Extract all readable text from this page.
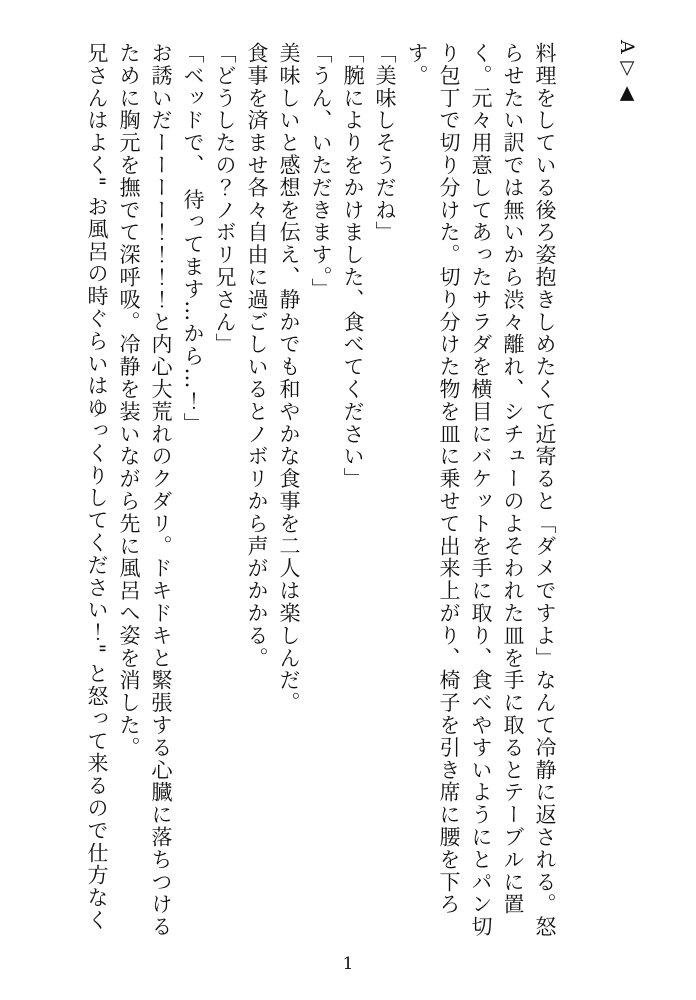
A▽▲

料理をしている後ろ姿抱きしめたくて近寄ると「ダメですよ」なんて冷静に返される。怒らせたい訳では無いから渋々離れ、シチューのよそわれた皿を手に取るとテーブルに置く。元々用意してあったサラダを横目にバケットを手に取り、食べやすいようにとパン切り包丁で切り分けた。切り分けた物を皿に乗せて出来上がり、椅子を引き席に腰を下ろす。

「美味しそうだね」

「腕によりをかけました、食べてください」

「うん、いただきます。」

美味しいと感想を伝え、静かでも和やかな食事を二人は楽しんだ。

食事を済ませ各々自由に過ごしいるとノボリから声がかかる。

「どうしたの？ノボリ兄さん」

「ベッドで、　待ってます…から…！」

お誘いだーーーー！！！！と内心大荒れのクダリ。ドキドキと緊張する心臓に落ちつけるために胸元を撫でて深呼吸。冷静を装いながら先に風呂へ姿を消した。

兄さんはよく" お風呂の時ぐらいはゆっくりしてください！" と怒って来るので仕方なく

1
